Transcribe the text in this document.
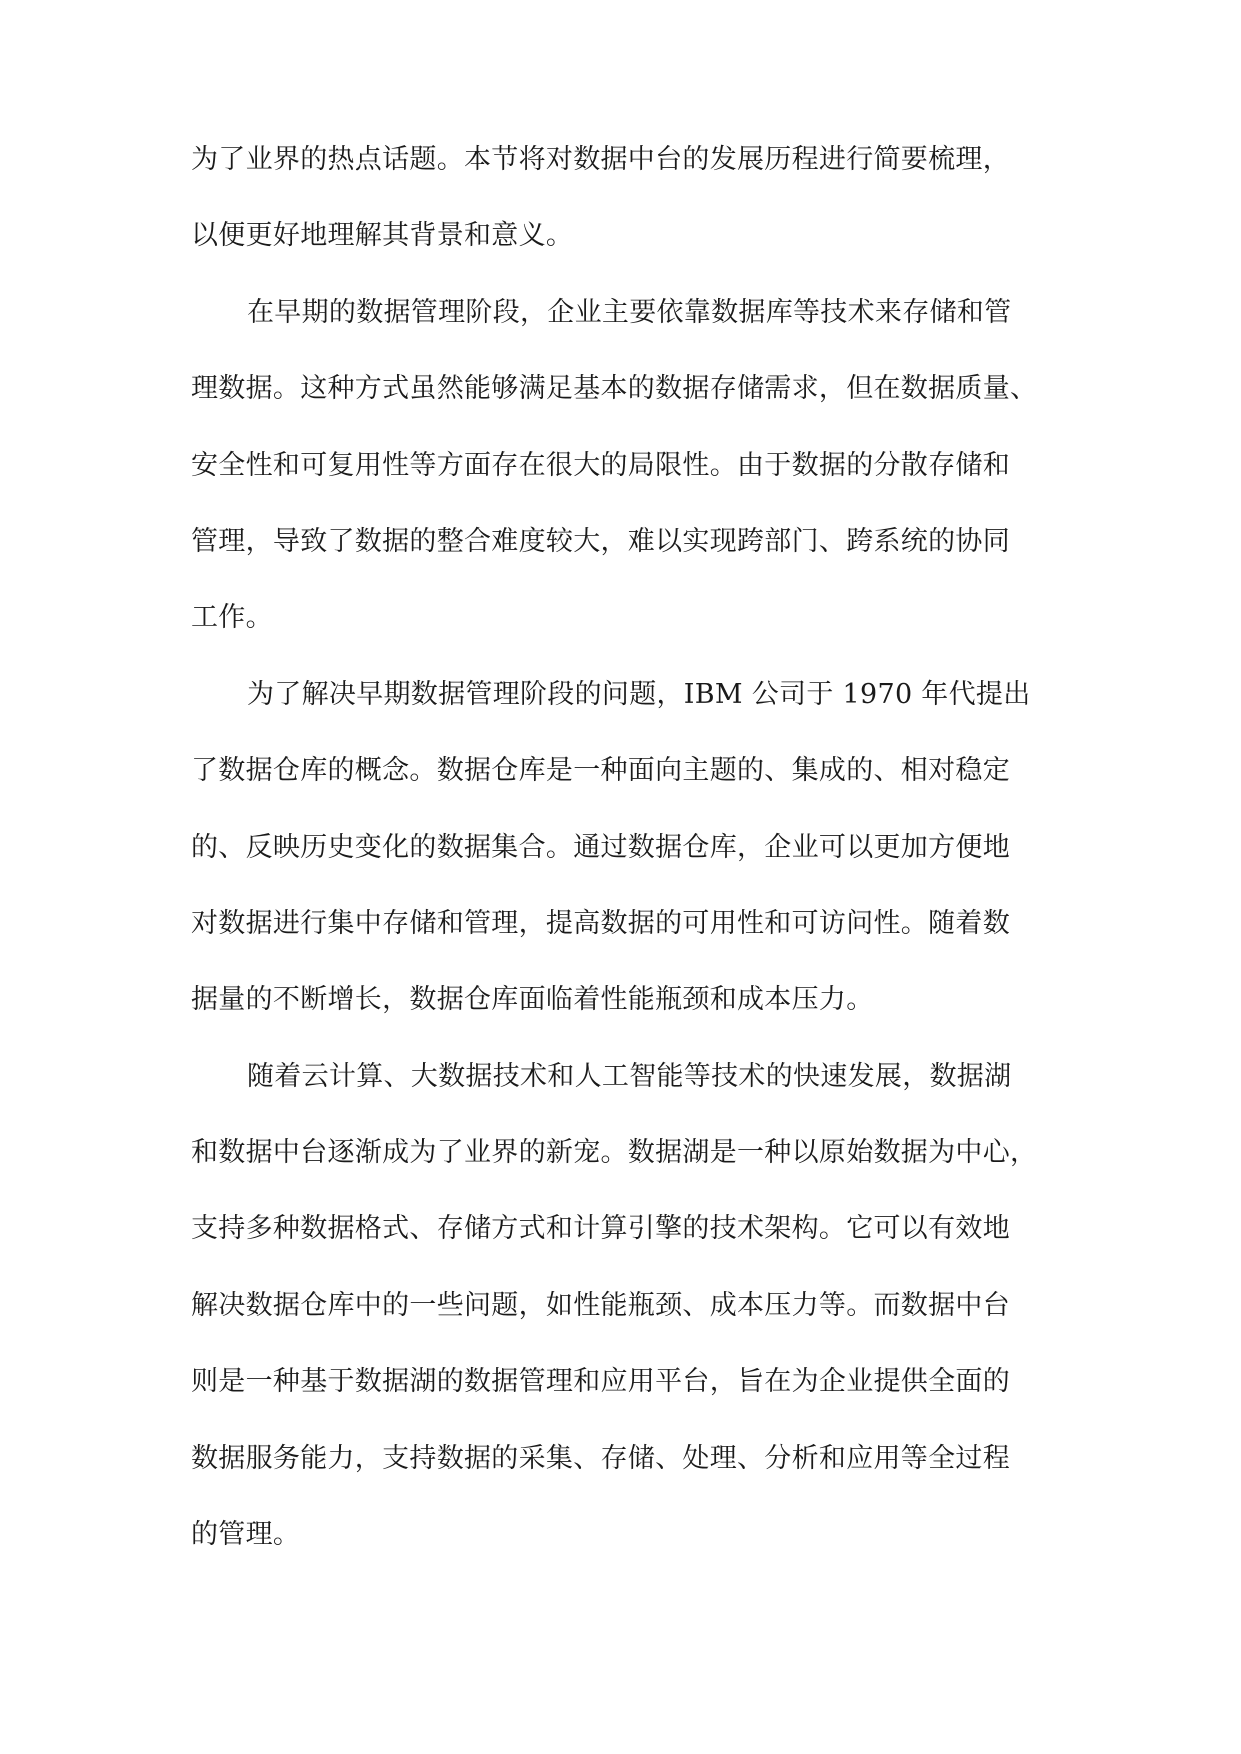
为了业界的热点话题。本节将对数据中台的发展历程进行简要梳理，
以便更好地理解其背景和意义。
在早期的数据管理阶段，企业主要依靠数据库等技术来存储和管
理数据。这种方式虽然能够满足基本的数据存储需求，但在数据质量、
安全性和可复用性等方面存在很大的局限性。由于数据的分散存储和
管理，导致了数据的整合难度较大，难以实现跨部门、跨系统的协同
工作。
为了解决早期数据管理阶段的问题，IBM 公司于 1970 年代提出
了数据仓库的概念。数据仓库是一种面向主题的、集成的、相对稳定
的、反映历史变化的数据集合。通过数据仓库，企业可以更加方便地
对数据进行集中存储和管理，提高数据的可用性和可访问性。随着数
据量的不断增长，数据仓库面临着性能瓶颈和成本压力。
随着云计算、大数据技术和人工智能等技术的快速发展，数据湖
和数据中台逐渐成为了业界的新宠。数据湖是一种以原始数据为中心，
支持多种数据格式、存储方式和计算引擎的技术架构。它可以有效地
解决数据仓库中的一些问题，如性能瓶颈、成本压力等。而数据中台
则是一种基于数据湖的数据管理和应用平台，旨在为企业提供全面的
数据服务能力，支持数据的采集、存储、处理、分析和应用等全过程
的管理。
